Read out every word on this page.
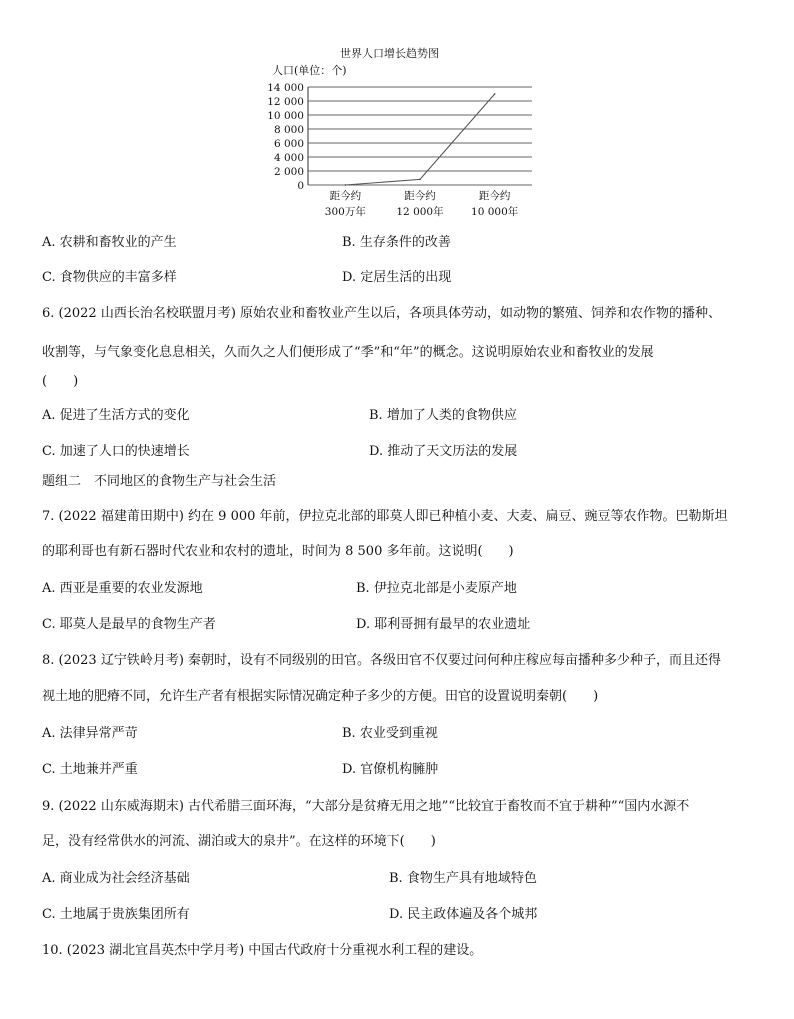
世界人口增长趋势图
人口(单位：个)
0
2 000
4 000
6 000
8 000
10 000
12 000
14 000
距今约 300万年
距今约 12 000年
距今约 10 000年
A. 农耕和畜牧业的产生	B. 生存条件的改善
C. 食物供应的丰富多样	D. 定居生活的出现
6. (2022 山西长治名校联盟月考) 原始农业和畜牧业产生以后，各项具体劳动，如动物的繁殖、饲养和农作物的播种、
收割等，与气象变化息息相关，久而久之人们便形成了“季”和“年”的概念。这说明原始农业和畜牧业的发展
(　　)
A. 促进了生活方式的变化	B. 增加了人类的食物供应
C. 加速了人口的快速增长	D. 推动了天文历法的发展
题组二　不同地区的食物生产与社会生活
7. (2022 福建莆田期中) 约在 9 000 年前，伊拉克北部的耶莫人即已种植小麦、大麦、扁豆、豌豆等农作物。巴勒斯坦
的耶利哥也有新石器时代农业和农村的遗址，时间为 8 500 多年前。这说明(　　)
A. 西亚是重要的农业发源地	B. 伊拉克北部是小麦原产地
C. 耶莫人是最早的食物生产者	D. 耶利哥拥有最早的农业遗址
8. (2023 辽宁铁岭月考) 秦朝时，设有不同级别的田官。各级田官不仅要过问何种庄稼应每亩播种多少种子，而且还得
视土地的肥瘠不同，允许生产者有根据实际情况确定种子多少的方便。田官的设置说明秦朝(　　)
A. 法律异常严苛	B. 农业受到重视
C. 土地兼并严重	D. 官僚机构臃肿
9. (2022 山东威海期末) 古代希腊三面环海，“大部分是贫瘠无用之地”“比较宜于畜牧而不宜于耕种”“国内水源不
足，没有经常供水的河流、湖泊或大的泉井”。在这样的环境下(　　)
A. 商业成为社会经济基础	B. 食物生产具有地域特色
C. 土地属于贵族集团所有	D. 民主政体遍及各个城邦
10. (2023 湖北宜昌英杰中学月考) 中国古代政府十分重视水利工程的建设。
